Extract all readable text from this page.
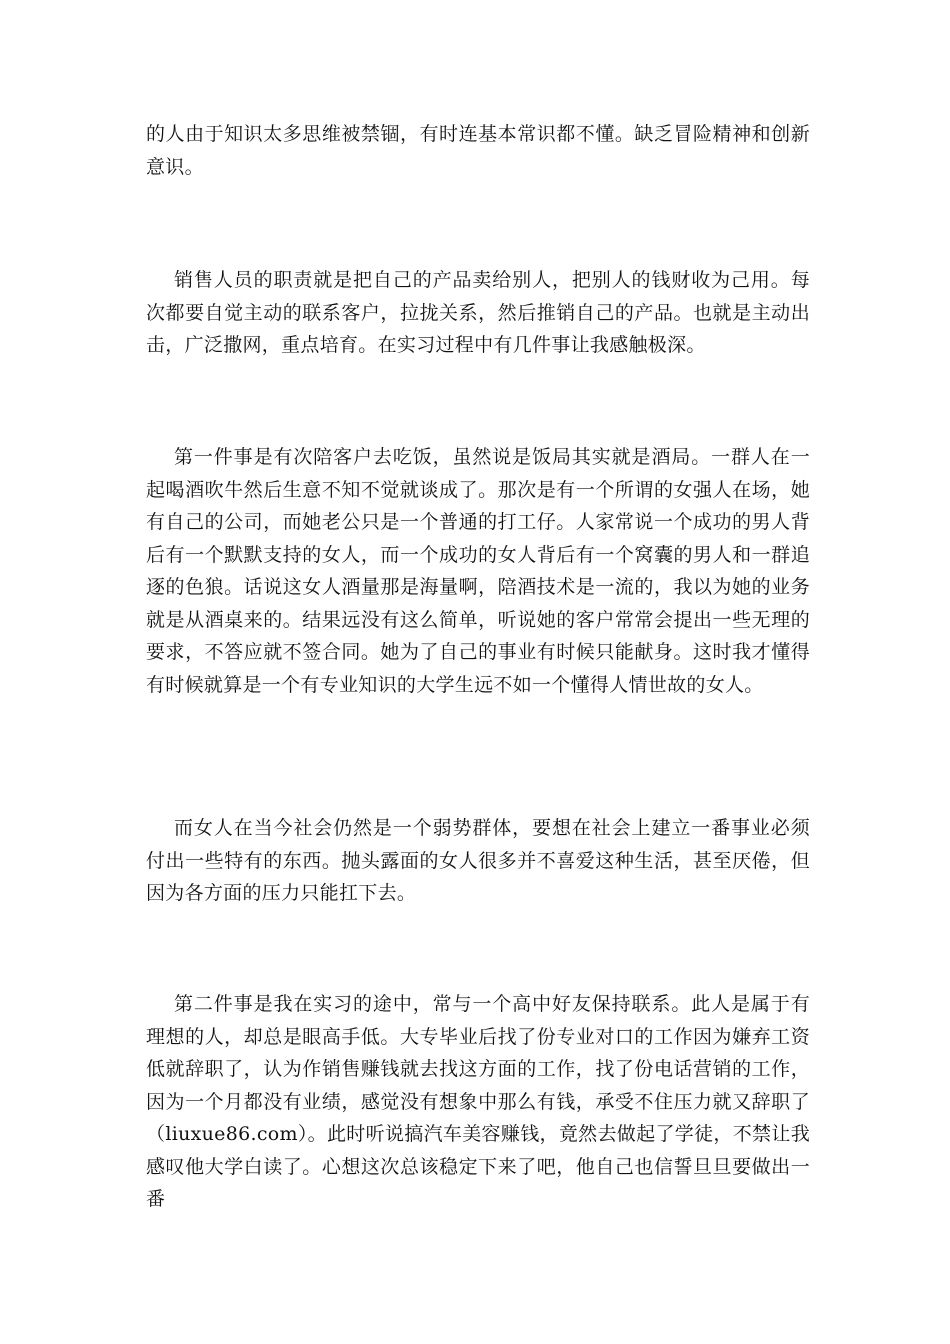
的人由于知识太多思维被禁锢，有时连基本常识都不懂。缺乏冒险精神和创新意识。

销售人员的职责就是把自己的产品卖给别人，把别人的钱财收为己用。每次都要自觉主动的联系客户，拉拢关系，然后推销自己的产品。也就是主动出击，广泛撒网，重点培育。在实习过程中有几件事让我感触极深。

第一件事是有次陪客户去吃饭，虽然说是饭局其实就是酒局。一群人在一起喝酒吹牛然后生意不知不觉就谈成了。那次是有一个所谓的女强人在场，她有自己的公司，而她老公只是一个普通的打工仔。人家常说一个成功的男人背后有一个默默支持的女人，而一个成功的女人背后有一个窝囊的男人和一群追逐的色狼。话说这女人酒量那是海量啊，陪酒技术是一流的，我以为她的业务就是从酒桌来的。结果远没有这么简单，听说她的客户常常会提出一些无理的要求，不答应就不签合同。她为了自己的事业有时候只能献身。这时我才懂得有时候就算是一个有专业知识的大学生远不如一个懂得人情世故的女人。

而女人在当今社会仍然是一个弱势群体，要想在社会上建立一番事业必须付出一些特有的东西。抛头露面的女人很多并不喜爱这种生活，甚至厌倦，但因为各方面的压力只能扛下去。

第二件事是我在实习的途中，常与一个高中好友保持联系。此人是属于有理想的人，却总是眼高手低。大专毕业后找了份专业对口的工作因为嫌弃工资低就辞职了，认为作销售赚钱就去找这方面的工作，找了份电话营销的工作，因为一个月都没有业绩，感觉没有想象中那么有钱，承受不住压力就又辞职了（liuxue86.com）。此时听说搞汽车美容赚钱，竟然去做起了学徒，不禁让我感叹他大学白读了。心想这次总该稳定下来了吧，他自己也信誓旦旦要做出一番
